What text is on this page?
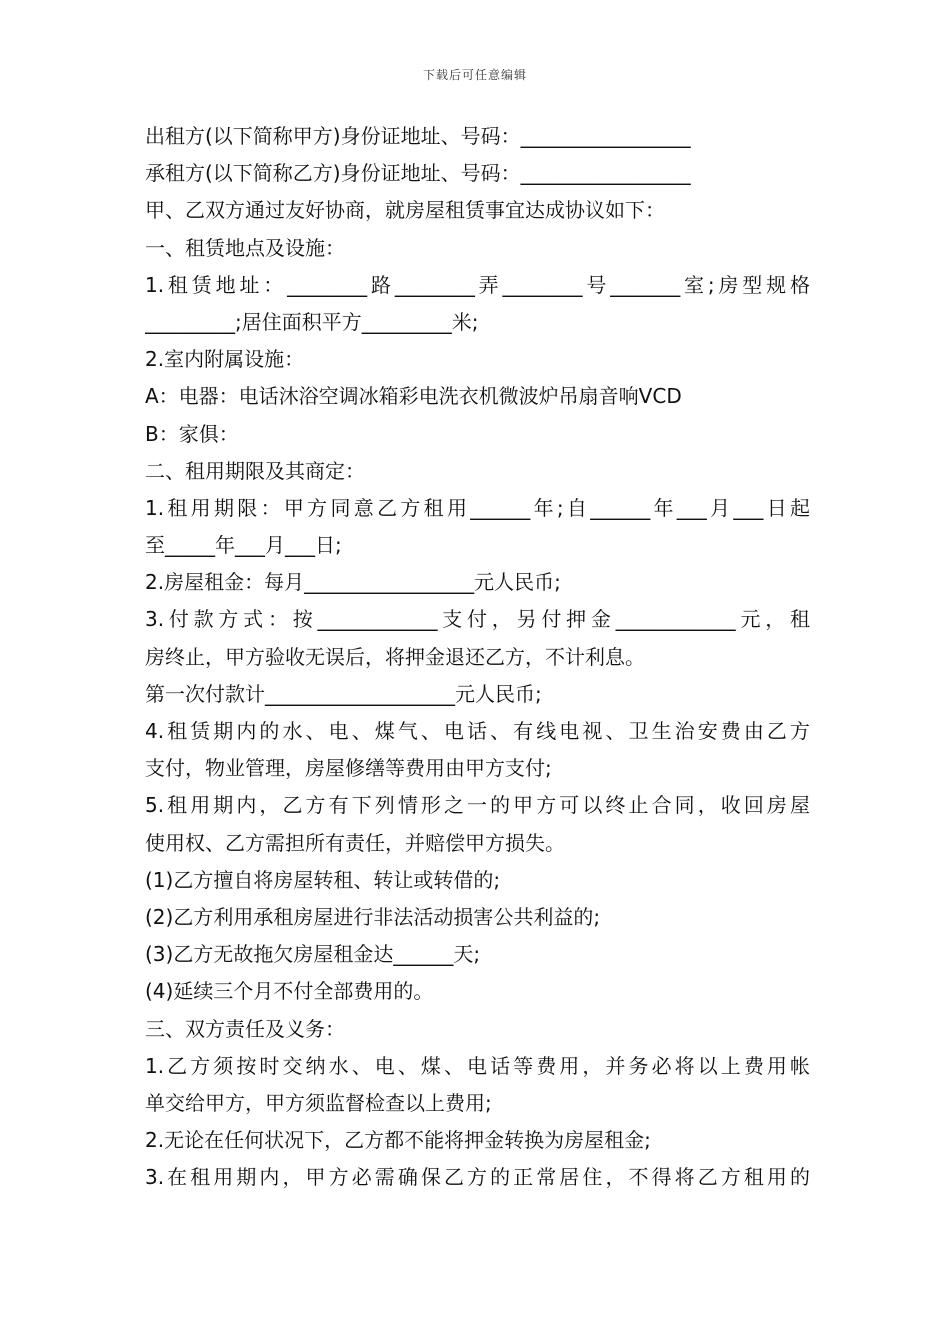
下载后可任意编辑
出租方(以下简称甲方)身份证地址、号码：_________________
承租方(以下简称乙方)身份证地址、号码：_________________
甲、乙双方通过友好协商，就房屋租赁事宜达成协议如下：
一、租赁地点及设施：
1.租赁地址：________路________弄________号_______室;房型规格
_________;居住面积平方_________米;
2.室内附属设施：
A：电器：电话沐浴空调冰箱彩电洗衣机微波炉吊扇音响VCD
B：家俱：
二、租用期限及其商定：
1.租用期限：甲方同意乙方租用______年;自______年___月___日起
至_____年___月___日;
2.房屋租金：每月_________________元人民币;
3.付款方式：按____________支付，另付押金____________元，租
房终止，甲方验收无误后，将押金退还乙方，不计利息。
第一次付款计___________________元人民币;
4.租赁期内的水、电、煤气、电话、有线电视、卫生治安费由乙方
支付，物业管理，房屋修缮等费用由甲方支付;
5.租用期内，乙方有下列情形之一的甲方可以终止合同，收回房屋
使用权、乙方需担所有责任，并赔偿甲方损失。
(1)乙方擅自将房屋转租、转让或转借的;
(2)乙方利用承租房屋进行非法活动损害公共利益的;
(3)乙方无故拖欠房屋租金达______天;
(4)延续三个月不付全部费用的。
三、双方责任及义务：
1.乙方须按时交纳水、电、煤、电话等费用，并务必将以上费用帐
单交给甲方，甲方须监督检查以上费用;
2.无论在任何状况下，乙方都不能将押金转换为房屋租金;
3.在租用期内，甲方必需确保乙方的正常居住，不得将乙方租用的
